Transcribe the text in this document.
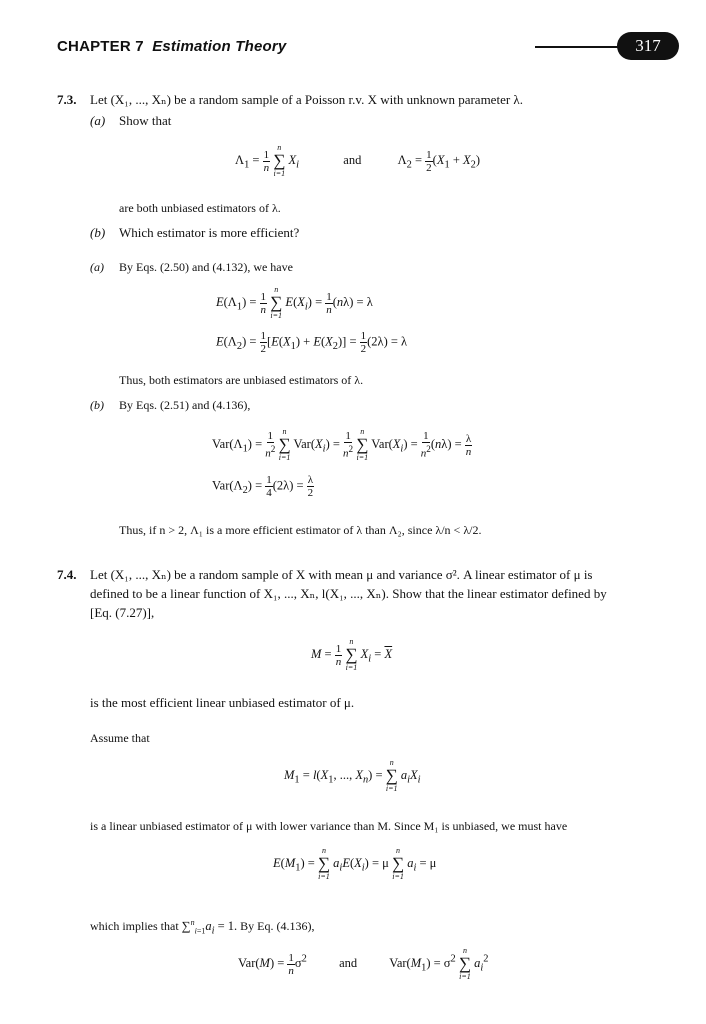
CHAPTER 7 Estimation Theory	317
7.3. Let (X₁, ..., Xₙ) be a random sample of a Poisson r.v. X with unknown parameter λ.
(a) Show that
$\Lambda_1 = \frac{1}{n}$

n
∑
i=1
$X_i$	and	$\Lambda_2 = \frac{1}{2} (X_1 + X_2)$
are both unbiased estimators of λ.
(b) Which estimator is more efficient?
(a) By Eqs. (2.50) and (4.132), we have
$E(\Lambda_1) = \frac{1}{n}$

n
∑
i=1
$E(X_i) = \frac{1}{n} (n\lambda) = \lambda$
$E(\Lambda_2) = \frac{1}{2} [E(X_1) + E(X_2)] = \frac{1}{2} (2\lambda) = \lambda$
Thus, both estimators are unbiased estimators of λ.
(b) By Eqs. (2.51) and (4.136),
$Var(\Lambda_1) = \frac{1}{n^2}$
n
∑
i=1
$Var(X_i) = \frac{1}{n^2}$
n
∑
i=1
$Var(X_i) = \frac{1}{n^2} (n\lambda) = \frac{\lambda}{n}$
$Var(\Lambda_2) = \frac{1}{4} (2\lambda) = \frac{\lambda}{2}$
Thus, if n > 2, Λ₁ is a more efficient estimator of λ than Λ₂, since λ/n < λ/2.
7.4. Let (X₁, ..., Xₙ) be a random sample of X with mean μ and variance σ². A linear estimator of μ is
defined to be a linear function of X₁, ..., Xₙ, l(X₁, ..., Xₙ). Show that the linear estimator defined by
[Eq. (7.27)],
$M = \frac{1}{n}$

n
∑
i=1
$X_i = \overline{X}$
is the most efficient linear unbiased estimator of μ.
Assume that
$M_1 = l(X_1$, ..., $X_n$) =
n
∑
i=1
$a_iX_i$
is a linear unbiased estimator of μ with lower variance than M. Since M₁ is unbiased, we must have
$E(M_1)$ =
n
∑
i=1
$a_iE(X_i) = \mu$
n
∑
i=1
$a_i = \mu$
which implies that $\sum^n_{i=1}a_i = 1$. By Eq. (4.136),
$Var(M) = \frac{1}{n} \sigma^2$	and  $Var(M_1) = \sigma^2$
n
∑
i=1
$a_i^2$
